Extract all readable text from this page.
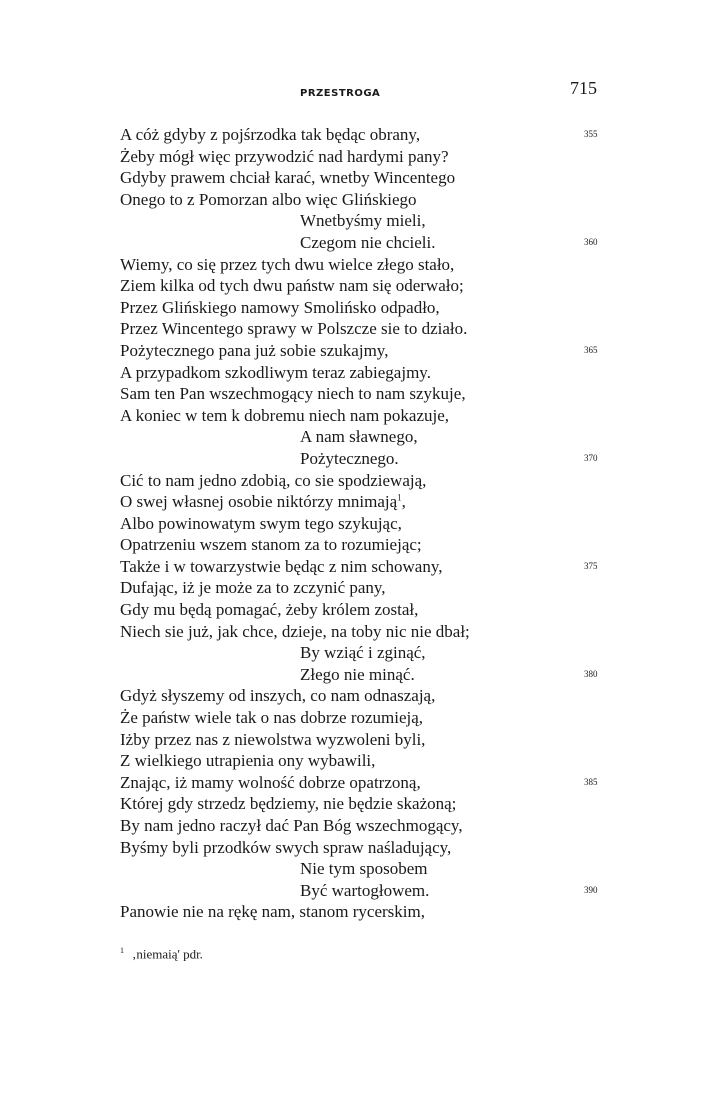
PRZESTROGA	715
A cóż gdyby z pojśrzodka tak będąc obrany,	355
Żeby mógł więc przywodzić nad hardymi pany?
Gdyby prawem chciał karać, wnetby Wincentego
Onego to z Pomorzan albo więc Glińskiego
Wnetbyśmy mieli,
Czegom nie chcieli.	360
Wiemy, co się przez tych dwu wielce złego stało,
Ziem kilka od tych dwu państw nam się oderwało;
Przez Glińskiego namowy Smolińsko odpadło,
Przez Wincentego sprawy w Polszcze sie to działo.
Pożytecznego pana już sobie szukajmy,	365
A przypadkom szkodliwym teraz zabiegajmy.
Sam ten Pan wszechmogący niech to nam szykuje,
A koniec w tem k dobremu niech nam pokazuje,
A nam sławnego,
Pożytecznego.	370
Cić to nam jedno zdobią, co sie spodziewają,
O swej własnej osobie niktórzy mnimają$^1$,
Albo powinowatym swym tego szykując,
Opatrzeniu wszem stanom za to rozumiejąc;
Także i w towarzystwie będąc z nim schowany,	375
Dufając, iż je może za to zczynić pany,
Gdy mu będą pomagać, żeby królem został,
Niech sie już, jak chce, dzieje, na toby nic nie dbał;
By wziąć i zginąć,
Złego nie minąć.	380
Gdyż słyszemy od inszych, co nam odnaszają,
Że państw wiele tak o nas dobrze rozumieją,
Iżby przez nas z niewolstwa wyzwoleni byli,
Z wielkiego utrapienia ony wybawili,
Znając, iż mamy wolność dobrze opatrzoną,	385
Której gdy strzedz będziemy, nie będzie skażoną;
By nam jedno raczył dać Pan Bóg wszechmogący,
Byśmy byli przodków swych spraw naśladujący,
Nie tym sposobem
Być wartogłowem.	390
Panowie nie na rękę nam, stanom rycerskim,
$^1$ ‚niemaią' pdr.
